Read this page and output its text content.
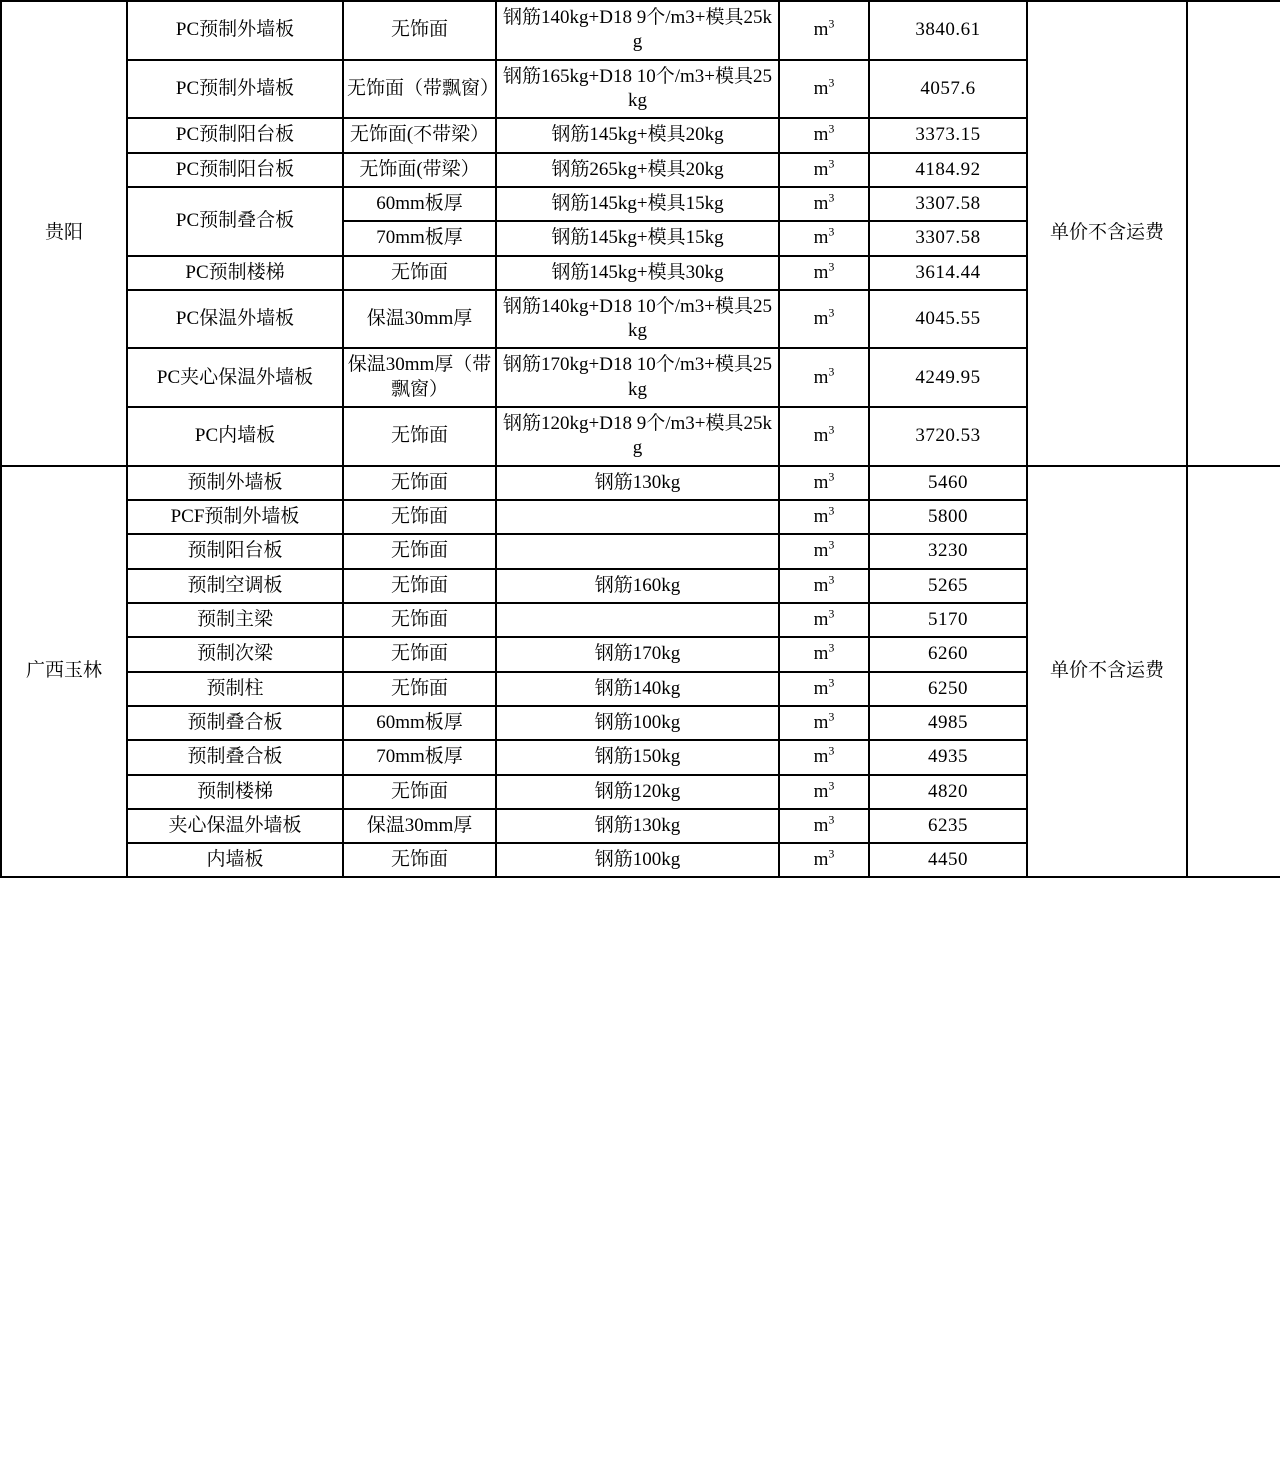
贵阳	PC预制外墙板	无饰面	钢筋140kg+D18 9个/m3+模具25kg	$m^3$	3840.61	单价不含运费	
	PC预制外墙板	无饰面（带飘窗）	钢筋165kg+D18 10个/m3+模具25kg	$m^3$	4057.6		
	PC预制阳台板	无饰面(不带梁）	钢筋145kg+模具20kg	$m^3$	3373.15		
	PC预制阳台板	无饰面(带梁）	钢筋265kg+模具20kg	$m^3$	4184.92		
	PC预制叠合板	60mm板厚	钢筋145kg+模具15kg	$m^3$	3307.58		
		70mm板厚	钢筋145kg+模具15kg	$m^3$	3307.58		
	PC预制楼梯	无饰面	钢筋145kg+模具30kg	$m^3$	3614.44		
	PC保温外墙板	保温30mm厚	钢筋140kg+D18 10个/m3+模具25kg	$m^3$	4045.55		
	PC夹心保温外墙板	保温30mm厚（带飘窗）	钢筋170kg+D18 10个/m3+模具25kg	$m^3$	4249.95		
	PC内墙板	无饰面	钢筋120kg+D18 9个/m3+模具25kg	$m^3$	3720.53		
广西玉林	预制外墙板	无饰面	钢筋130kg	$m^3$	5460	单价不含运费	
	PCF预制外墙板	无饰面		$m^3$	5800		
	预制阳台板	无饰面		$m^3$	3230		
	预制空调板	无饰面	钢筋160kg	$m^3$	5265		
	预制主梁	无饰面		$m^3$	5170		
	预制次梁	无饰面	钢筋170kg	$m^3$	6260		
	预制柱	无饰面	钢筋140kg	$m^3$	6250		
	预制叠合板	60mm板厚	钢筋100kg	$m^3$	4985		
	预制叠合板	70mm板厚	钢筋150kg	$m^3$	4935		
	预制楼梯	无饰面	钢筋120kg	$m^3$	4820		
	夹心保温外墙板	保温30mm厚	钢筋130kg	$m^3$	6235		
	内墙板	无饰面	钢筋100kg	$m^3$	4450		
